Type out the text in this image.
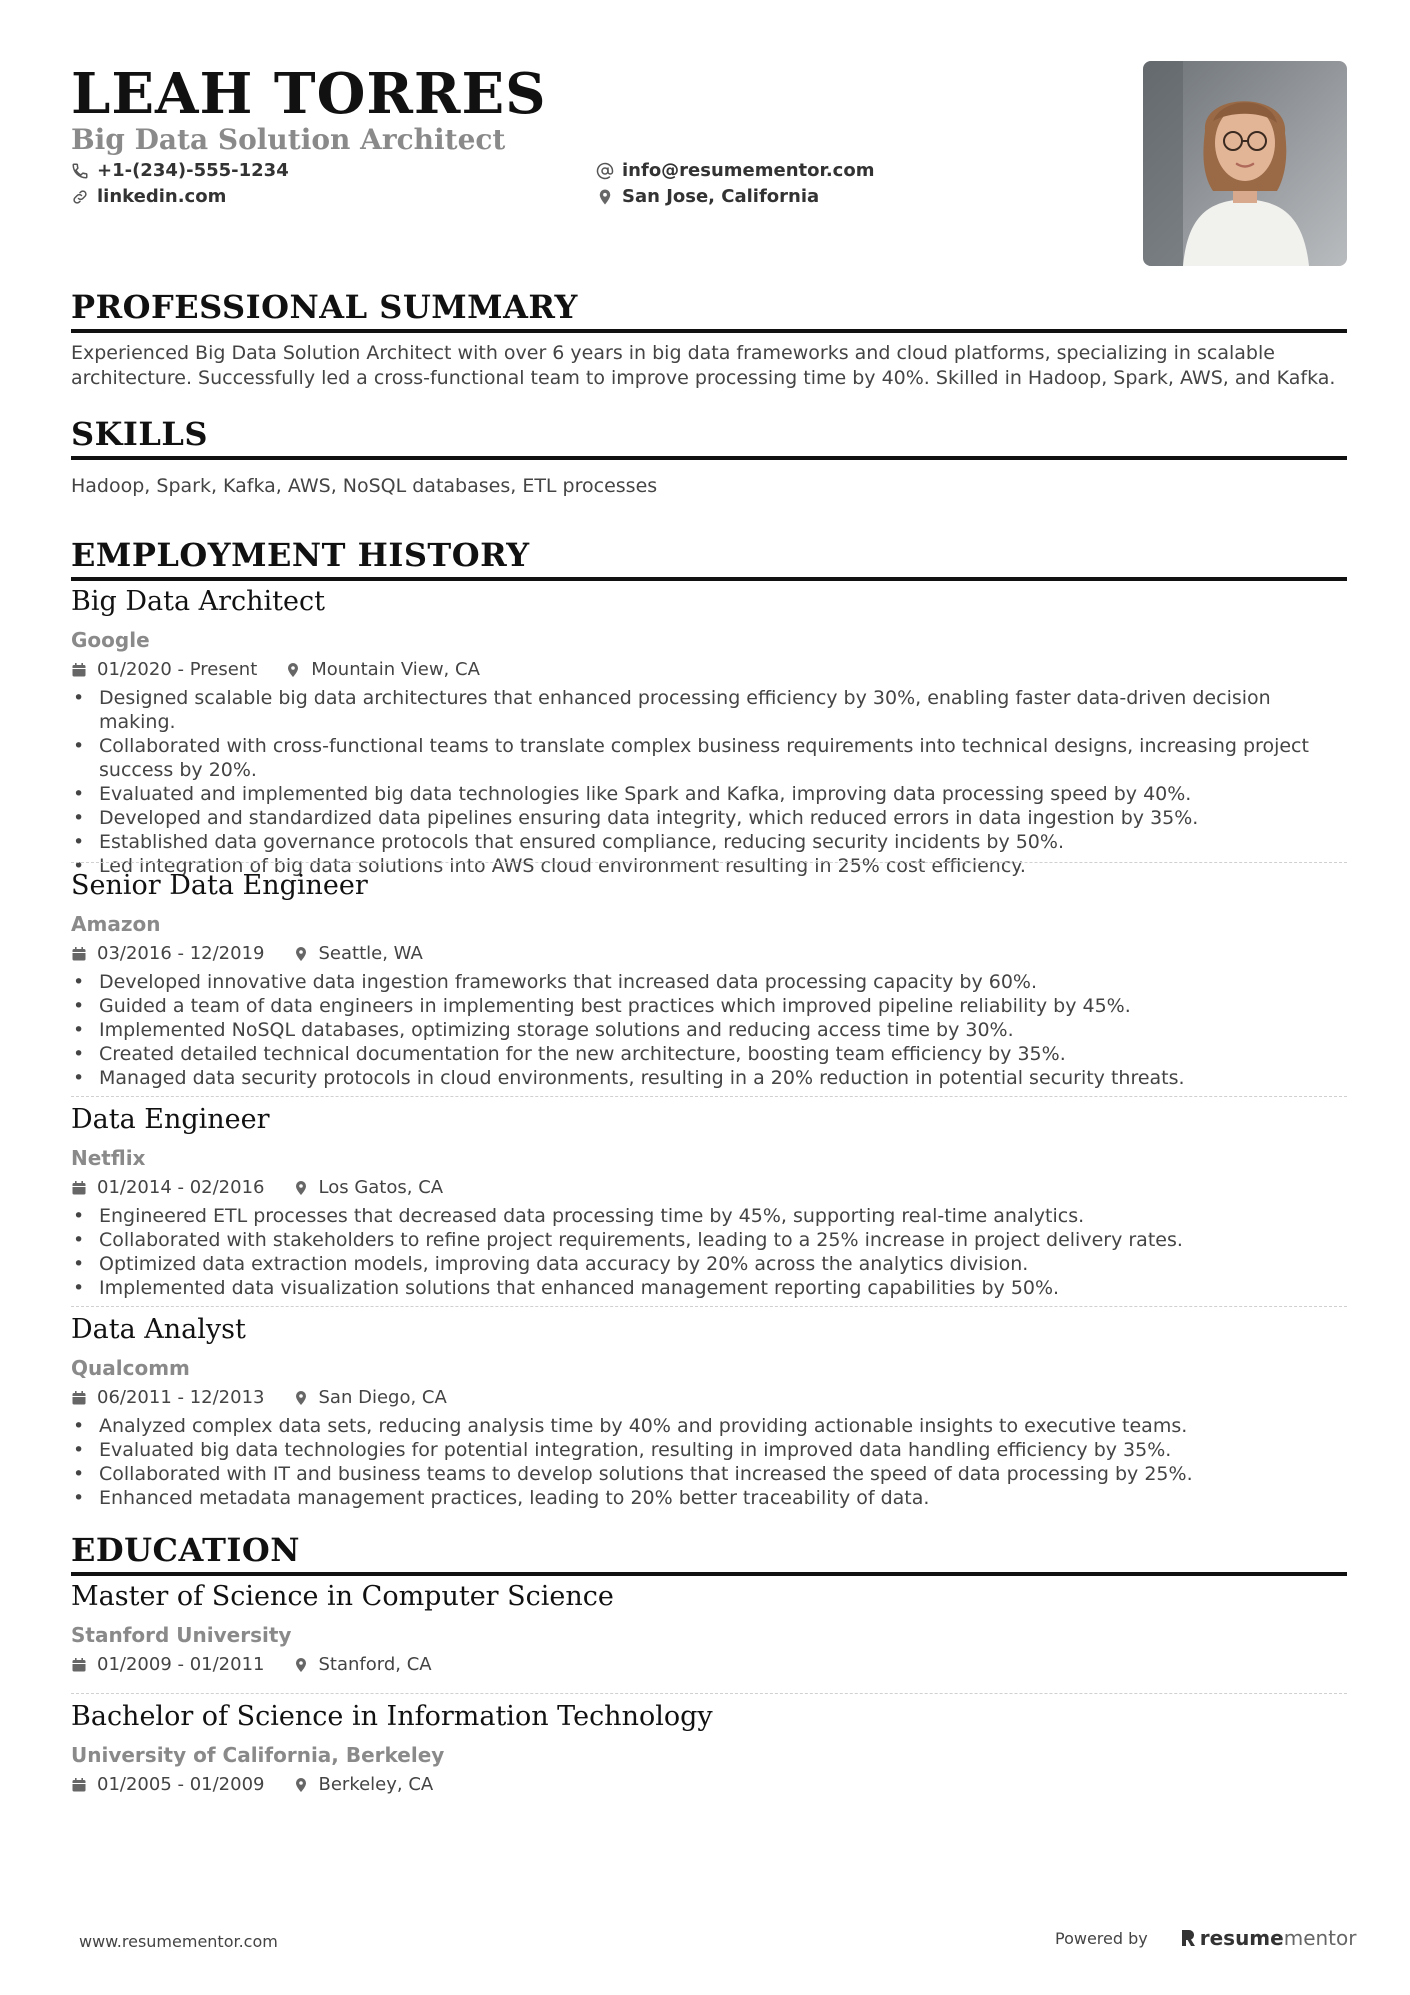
LEAH TORRES
Big Data Solution Architect
+1-(234)-555-1234
linkedin.com
info@resumementor.com
San Jose, California
PROFESSIONAL SUMMARY
Experienced Big Data Solution Architect with over 6 years in big data frameworks and cloud platforms, specializing in scalable architecture. Successfully led a cross-functional team to improve processing time by 40%. Skilled in Hadoop, Spark, AWS, and Kafka.
SKILLS
Hadoop, Spark, Kafka, AWS, NoSQL databases, ETL processes
EMPLOYMENT HISTORY
Big Data Architect
Google
01/2020 - Present	Mountain View, CA
• Designed scalable big data architectures that enhanced processing efficiency by 30%, enabling faster data-driven decision making.
• Collaborated with cross-functional teams to translate complex business requirements into technical designs, increasing project success by 20%.
• Evaluated and implemented big data technologies like Spark and Kafka, improving data processing speed by 40%.
• Developed and standardized data pipelines ensuring data integrity, which reduced errors in data ingestion by 35%.
• Established data governance protocols that ensured compliance, reducing security incidents by 50%.
• Led integration of big data solutions into AWS cloud environment resulting in 25% cost efficiency.
Senior Data Engineer
Amazon
03/2016 - 12/2019	Seattle, WA
• Developed innovative data ingestion frameworks that increased data processing capacity by 60%.
• Guided a team of data engineers in implementing best practices which improved pipeline reliability by 45%.
• Implemented NoSQL databases, optimizing storage solutions and reducing access time by 30%.
• Created detailed technical documentation for the new architecture, boosting team efficiency by 35%.
• Managed data security protocols in cloud environments, resulting in a 20% reduction in potential security threats.
Data Engineer
Netflix
01/2014 - 02/2016	Los Gatos, CA
• Engineered ETL processes that decreased data processing time by 45%, supporting real-time analytics.
• Collaborated with stakeholders to refine project requirements, leading to a 25% increase in project delivery rates.
• Optimized data extraction models, improving data accuracy by 20% across the analytics division.
• Implemented data visualization solutions that enhanced management reporting capabilities by 50%.
Data Analyst
Qualcomm
06/2011 - 12/2013	San Diego, CA
• Analyzed complex data sets, reducing analysis time by 40% and providing actionable insights to executive teams.
• Evaluated big data technologies for potential integration, resulting in improved data handling efficiency by 35%.
• Collaborated with IT and business teams to develop solutions that increased the speed of data processing by 25%.
• Enhanced metadata management practices, leading to 20% better traceability of data.
EDUCATION
Master of Science in Computer Science
Stanford University
01/2009 - 01/2011	Stanford, CA
Bachelor of Science in Information Technology
University of California, Berkeley
01/2005 - 01/2009	Berkeley, CA
www.resumementor.com	Powered by	resume mentor
